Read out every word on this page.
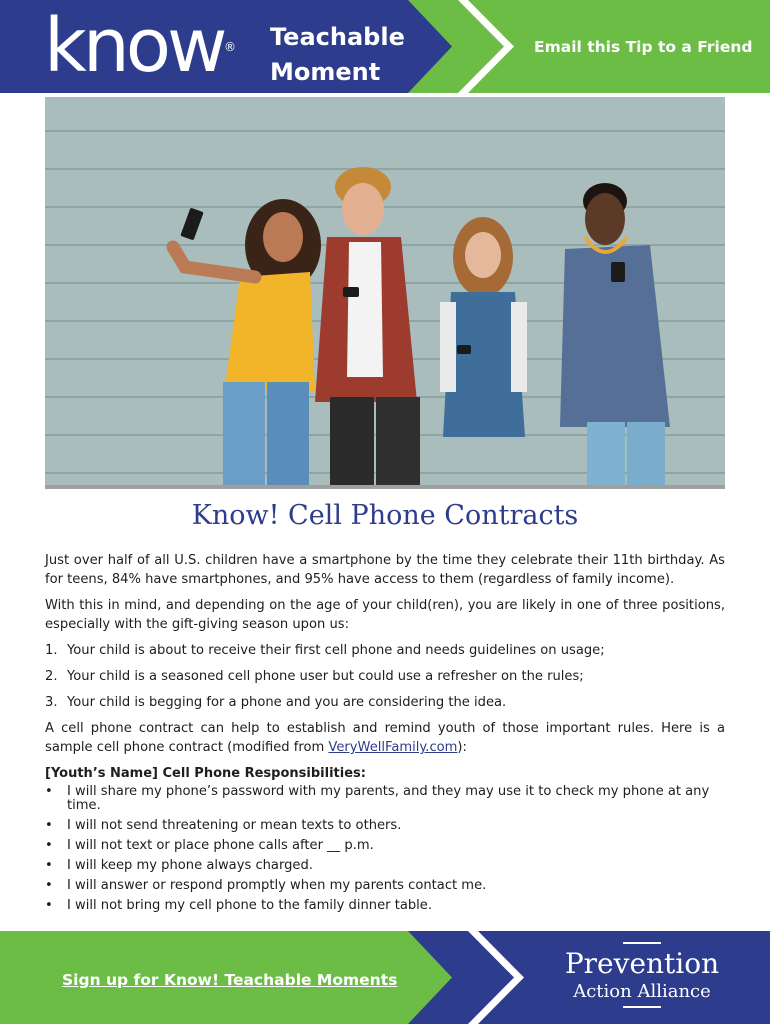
know ® Teachable
Moment
Email this Tip to a Friend
Know! Cell Phone Contracts

Just over half of all U.S. children have a smartphone by the time they celebrate their 11th birthday. As for teens, 84% have smartphones, and 95% have access to them (regardless of family income).

With this in mind, and depending on the age of your child(ren), you are likely in one of three positions, especially with the gift-giving season upon us:

1. Your child is about to receive their first cell phone and needs guidelines on usage;
2. Your child is a seasoned cell phone user but could use a refresher on the rules;
3. Your child is begging for a phone and you are considering the idea.

A cell phone contract can help to establish and remind youth of those important rules. Here is a sample cell phone contract (modified from VeryWellFamily.com):

[Youth’s Name] Cell Phone Responsibilities:
• I will share my phone’s password with my parents, and they may use it to check my phone at any time.
• I will not send threatening or mean texts to others.
• I will not text or place phone calls after __ p.m.
• I will keep my phone always charged.
• I will answer or respond promptly when my parents contact me.
• I will not bring my cell phone to the family dinner table.
Sign up for Know! Teachable Moments	Prevention
Action Alliance
